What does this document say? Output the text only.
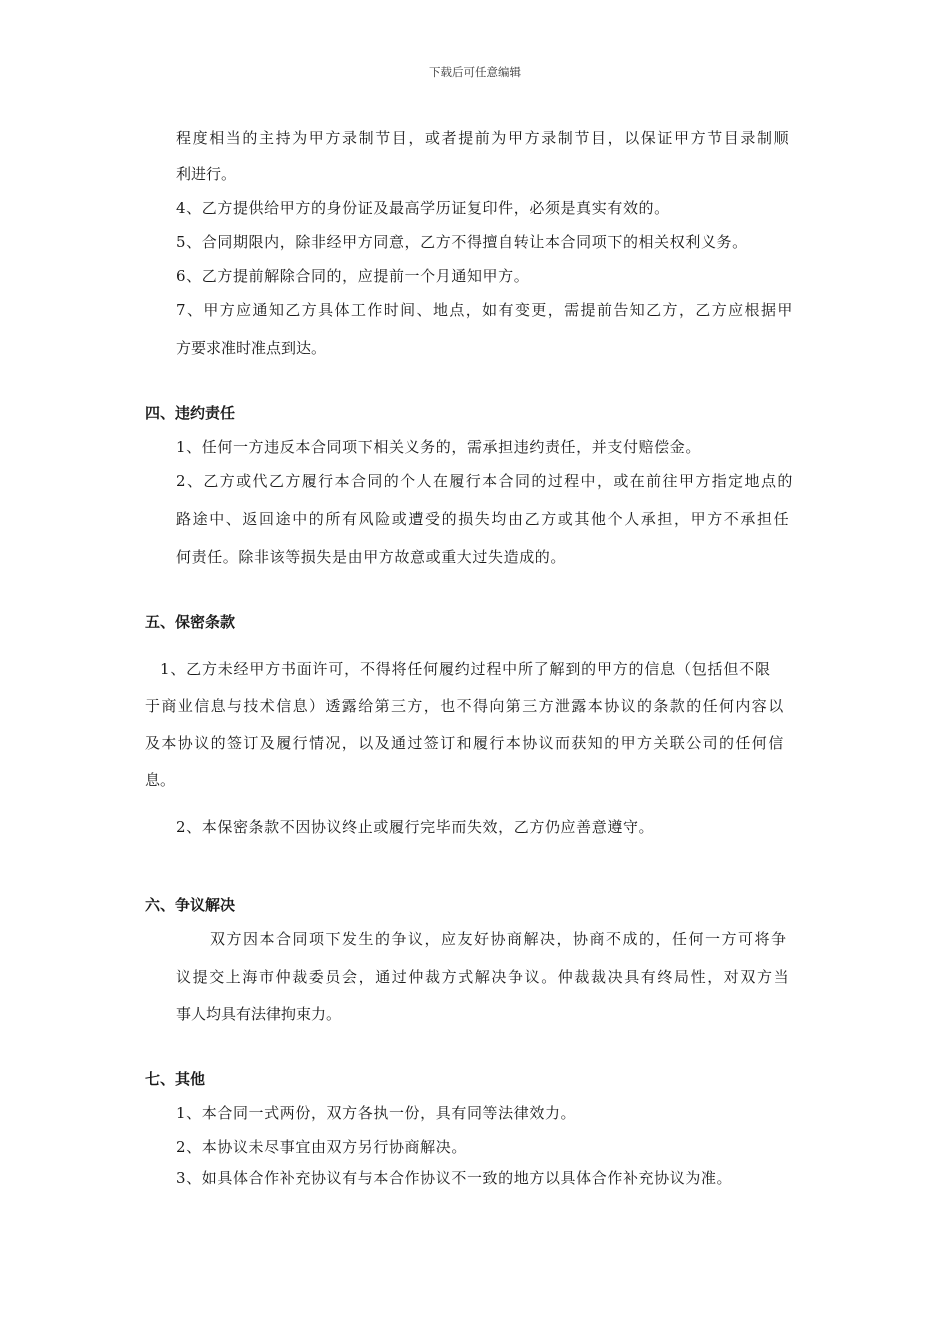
下载后可任意编辑
程度相当的主持为甲方录制节目，或者提前为甲方录制节目，以保证甲方节目录制顺
利进行。
4、乙方提供给甲方的身份证及最高学历证复印件，必须是真实有效的。
5、合同期限内，除非经甲方同意，乙方不得擅自转让本合同项下的相关权利义务。
6、乙方提前解除合同的，应提前一个月通知甲方。
7、甲方应通知乙方具体工作时间、地点，如有变更，需提前告知乙方，乙方应根据甲
方要求准时准点到达。
四、违约责任
1、任何一方违反本合同项下相关义务的，需承担违约责任，并支付赔偿金。
2、乙方或代乙方履行本合同的个人在履行本合同的过程中，或在前往甲方指定地点的
路途中、返回途中的所有风险或遭受的损失均由乙方或其他个人承担，甲方不承担任
何责任。除非该等损失是由甲方故意或重大过失造成的。
五、保密条款
1、乙方未经甲方书面许可，不得将任何履约过程中所了解到的甲方的信息（包括但不限
于商业信息与技术信息）透露给第三方，也不得向第三方泄露本协议的条款的任何内容以
及本协议的签订及履行情况，以及通过签订和履行本协议而获知的甲方关联公司的任何信
息。
2、本保密条款不因协议终止或履行完毕而失效，乙方仍应善意遵守。
六、争议解决
双方因本合同项下发生的争议，应友好协商解决，协商不成的，任何一方可将争
议提交上海市仲裁委员会，通过仲裁方式解决争议。仲裁裁决具有终局性，对双方当
事人均具有法律拘束力。
七、其他
1、本合同一式两份，双方各执一份，具有同等法律效力。
2、本协议未尽事宜由双方另行协商解决。
3、如具体合作补充协议有与本合作协议不一致的地方以具体合作补充协议为准。
